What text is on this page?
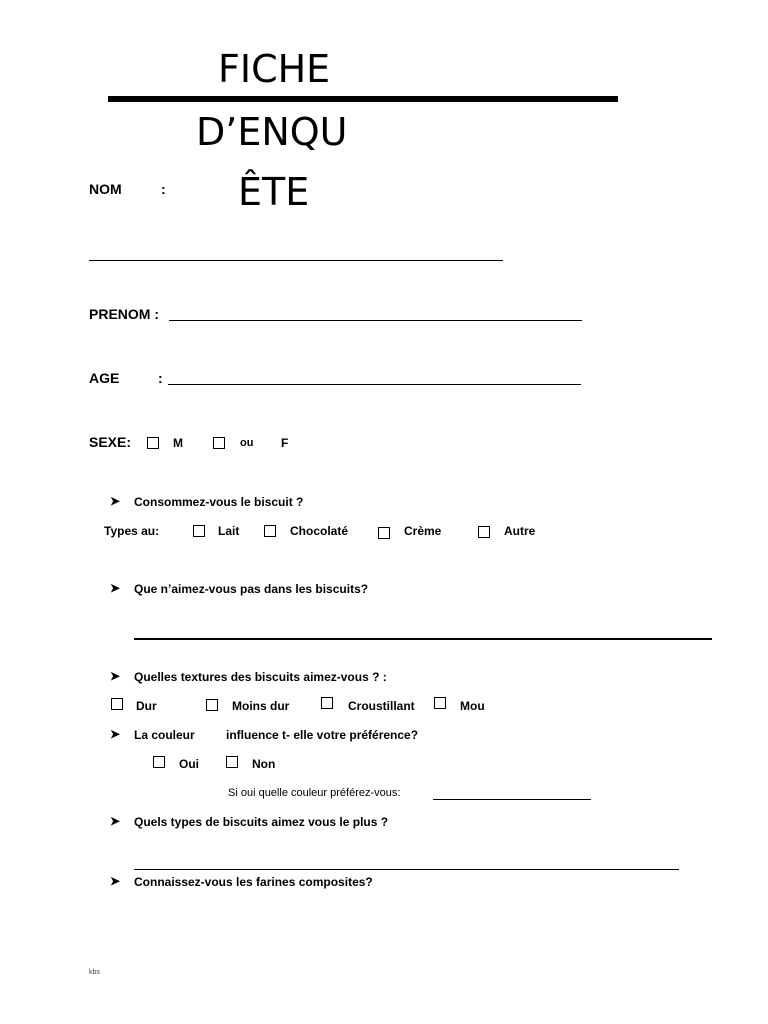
FICHE
D’ENQU
ÊTE
NOM	:
PRENOM :
AGE	:
SEXE:	M	ou F
➤ Consommez-vous le biscuit ?
Types au:	Lait	Chocolaté	Crème	Autre
➤ Que n’aimez-vous pas dans les biscuits?
➤ Quelles textures des biscuits aimez-vous ? :
Dur	Moins dur	Croustillant	Mou
➤ La couleur	influence t- elle votre préférence?
Oui	Non
Si oui quelle couleur préférez-vous:
➤ Quels types de biscuits aimez vous le plus ?
➤ Connaissez-vous les farines composites?
kbs
